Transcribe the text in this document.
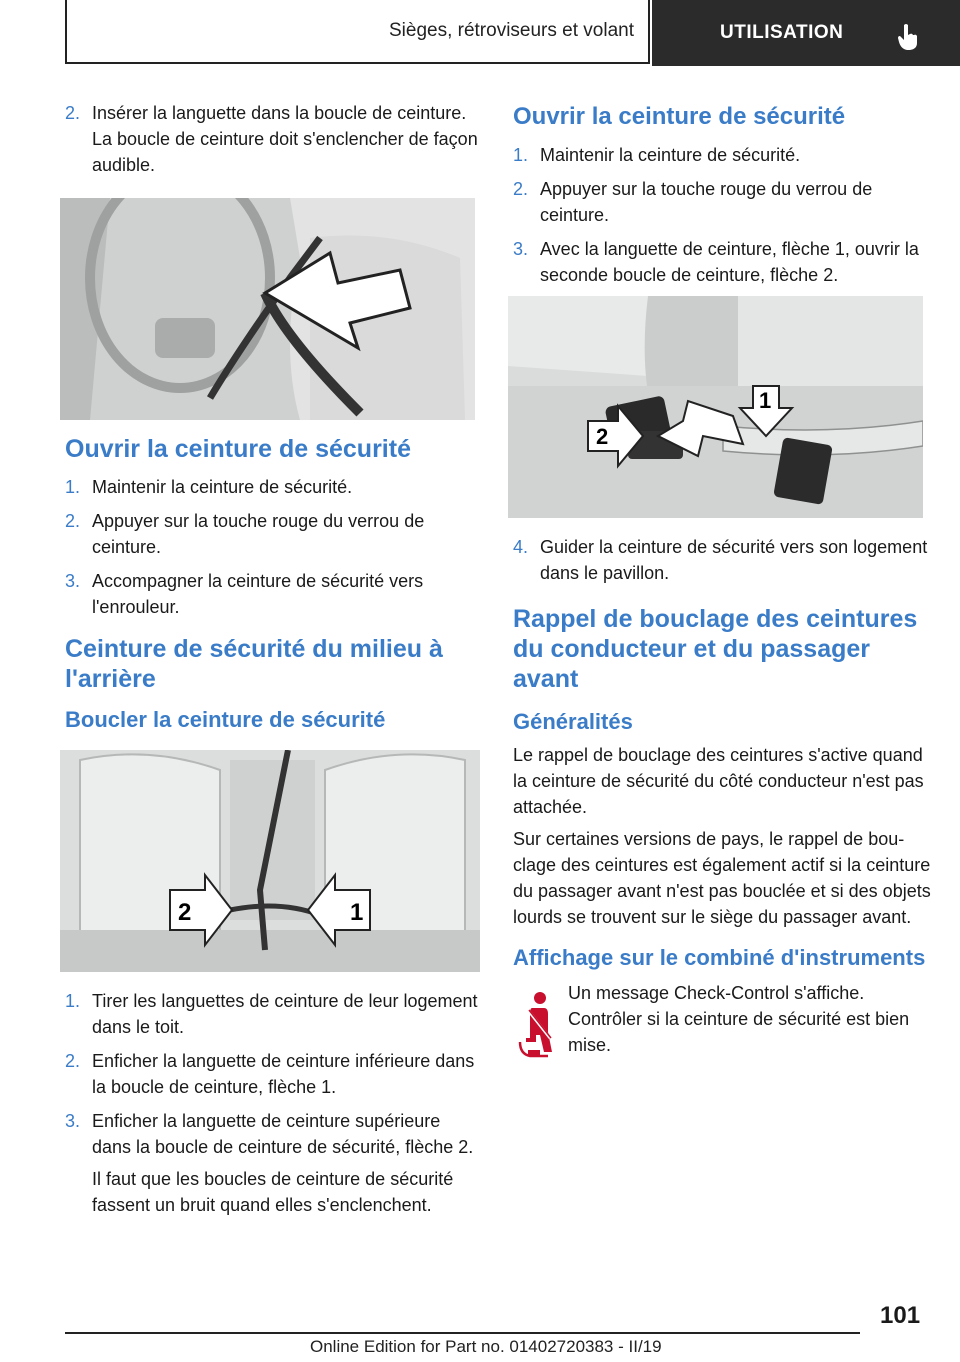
Sièges, rétroviseurs et volant	UTILISATION
2. Insérer la languette dans la boucle de ceinture. La boucle de ceinture doit s'enclencher de façon audible.
Ouvrir la ceinture de sécurité
1. Maintenir la ceinture de sécurité.
2. Appuyer sur la touche rouge du verrou de ceinture.
3. Accompagner la ceinture de sécurité vers l'enrouleur.
Ceinture de sécurité du milieu à l'arrière
Boucler la ceinture de sécurité
2	1
1. Tirer les languettes de ceinture de leur logement dans le toit.
2. Enficher la languette de ceinture inférieure dans la boucle de ceinture, flèche 1.
3. Enficher la languette de ceinture supérieure dans la boucle de ceinture de sécurité, flèche 2.
Il faut que les boucles de ceinture de sécurité fassent un bruit quand elles s'enclenchent.
Ouvrir la ceinture de sécurité
1. Maintenir la ceinture de sécurité.
2. Appuyer sur la touche rouge du verrou de ceinture.
3. Avec la languette de ceinture, flèche 1, ouvrir la seconde boucle de ceinture, flèche 2.
2
1
4. Guider la ceinture de sécurité vers son logement dans le pavillon.
Rappel de bouclage des ceintures du conducteur et du passager avant
Généralités

Le rappel de bouclage des ceintures s'active quand la ceinture de sécurité du côté conducteur n'est pas attachée.

Sur certaines versions de pays, le rappel de bouclage des ceintures est également actif si la ceinture du passager avant n'est pas bouclée et si des objets lourds se trouvent sur le siège du passager avant.

Affichage sur le combiné d'instruments
Un message Check-Control s'affiche. Contrôler si la ceinture de sécurité est bien mise.
101
Online Edition for Part no. 01402720383 - II/19
